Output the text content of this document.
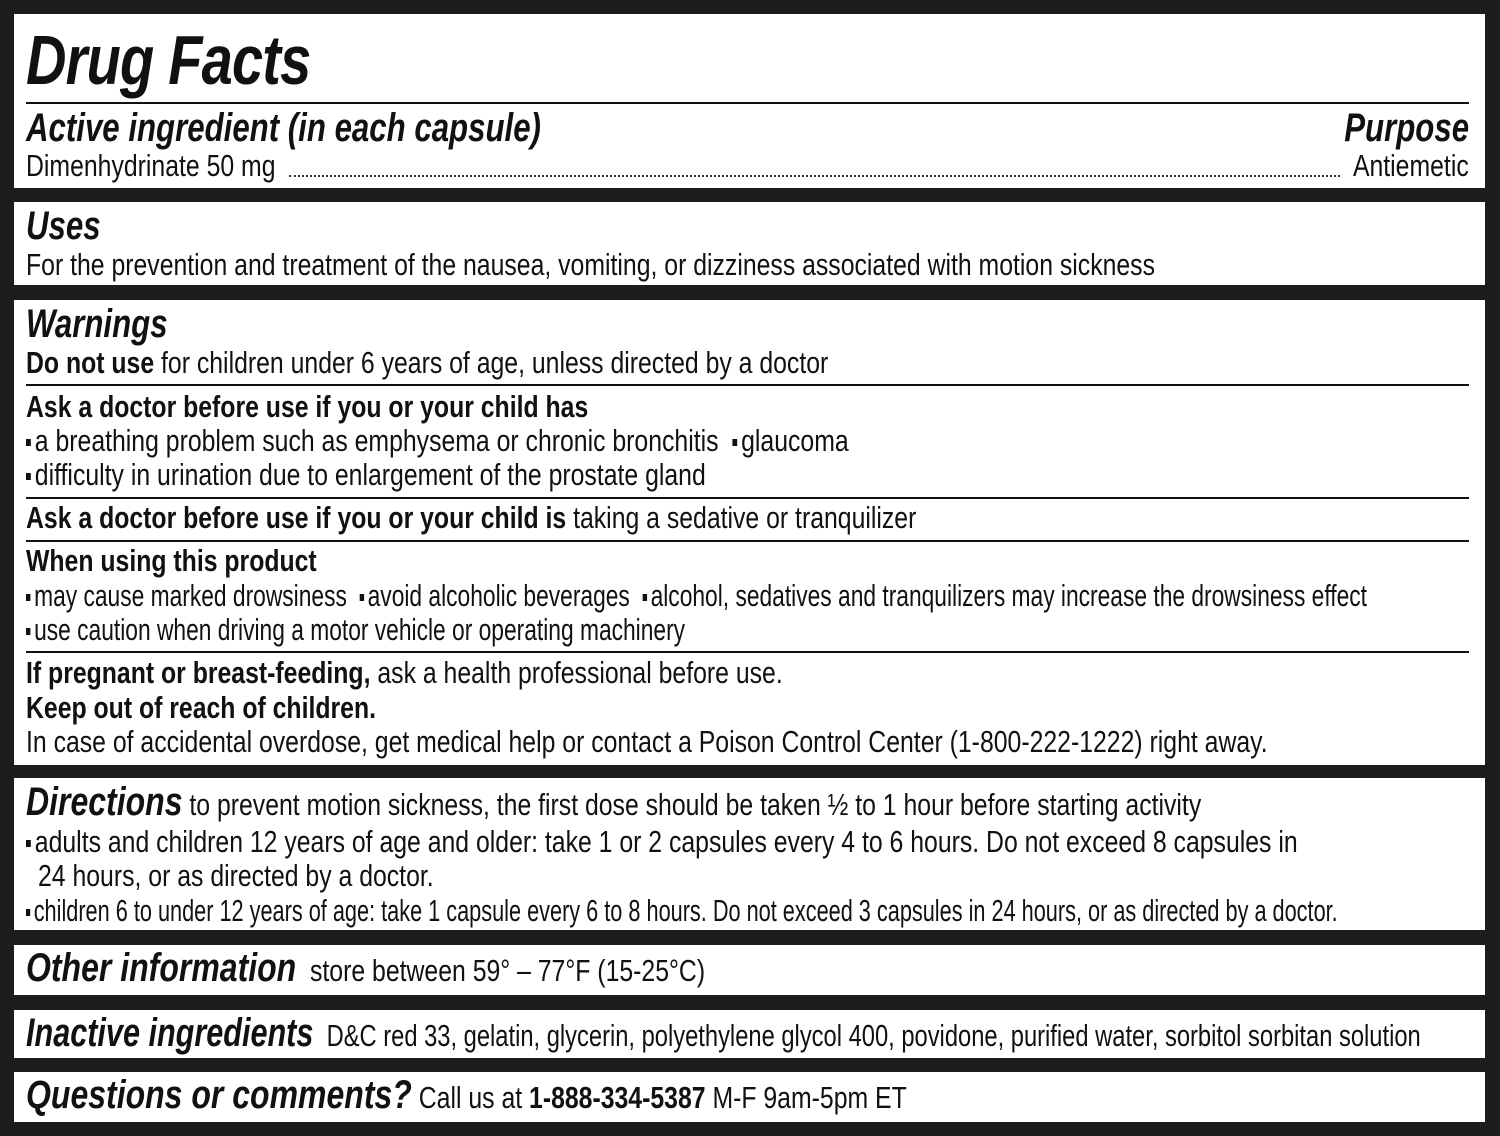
Drug Facts
Active ingredient (in each capsule)	Purpose
Dimenhydrinate 50 mg	Antiemetic
Uses
For the prevention and treatment of the nausea, vomiting, or dizziness associated with motion sickness
Warnings
Do not use for children under 6 years of age, unless directed by a doctor
Ask a doctor before use if you or your child has
a breathing problem such as emphysema or chronic bronchitis glaucoma
difficulty in urination due to enlargement of the prostate gland
Ask a doctor before use if you or your child is taking a sedative or tranquilizer
When using this product
may cause marked drowsiness avoid alcoholic beverages alcohol, sedatives and tranquilizers may increase the drowsiness effect
use caution when driving a motor vehicle or operating machinery
If pregnant or breast-feeding, ask a health professional before use.
Keep out of reach of children.
In case of accidental overdose, get medical help or contact a Poison Control Center (1-800-222-1222) right away.
Directions to prevent motion sickness, the first dose should be taken ½ to 1 hour before starting activity
adults and children 12 years of age and older: take 1 or 2 capsules every 4 to 6 hours. Do not exceed 8 capsules in
24 hours, or as directed by a doctor.
children 6 to under 12 years of age: take 1 capsule every 6 to 8 hours. Do not exceed 3 capsules in 24 hours, or as directed by a doctor.
Other information store between 59° – 77°F (15-25°C)
Inactive ingredients D&C red 33, gelatin, glycerin, polyethylene glycol 400, povidone, purified water, sorbitol sorbitan solution
Questions or comments? Call us at 1-888-334-5387 M-F 9am-5pm ET
